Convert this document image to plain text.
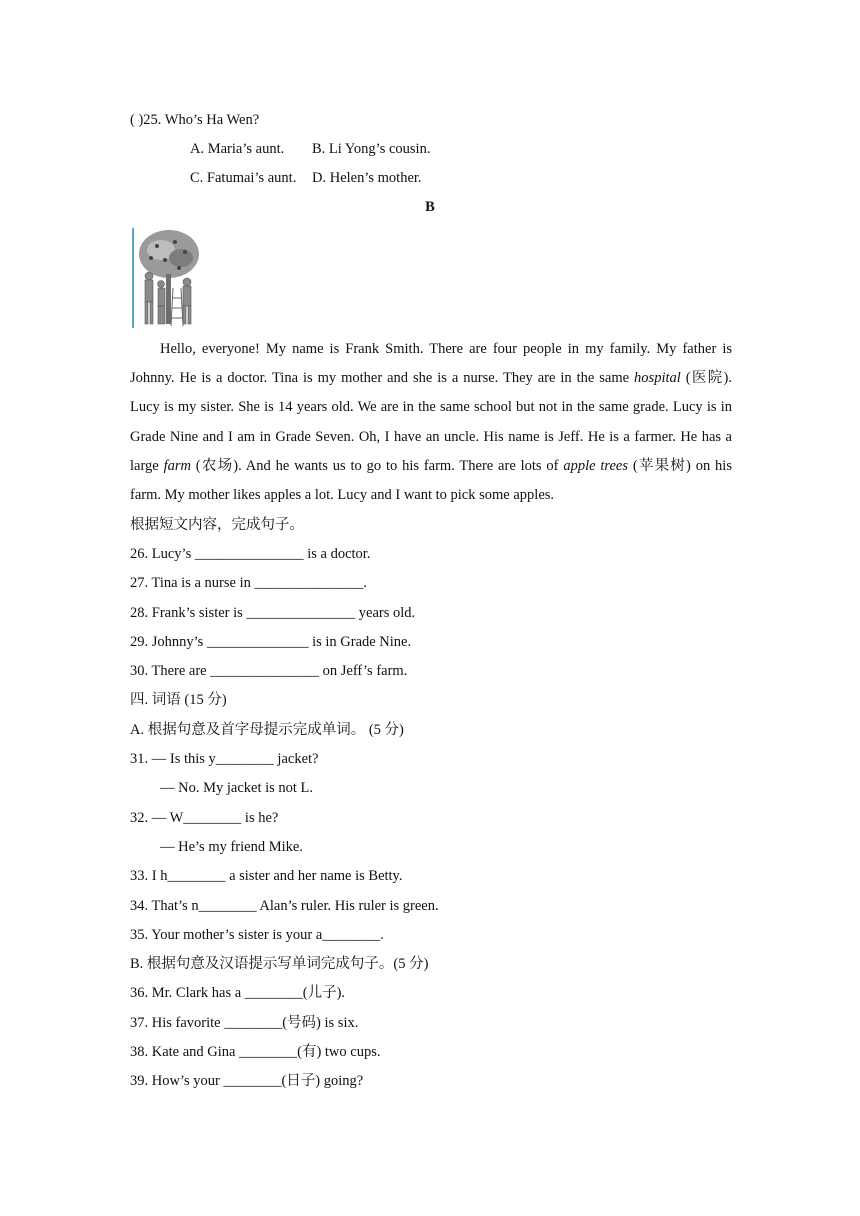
( )25. Who’s Ha Wen?
A. Maria’s aunt. B. Li Yong’s cousin.
C. Fatumai’s aunt. D. Helen’s mother.
B
Hello, everyone! My name is Frank Smith. There are four people in my family. My father is Johnny. He is a doctor. Tina is my mother and she is a nurse. They are in the same hospital (医院). Lucy is my sister. She is 14 years old. We are in the same school but not in the same grade. Lucy is in Grade Nine and I am in Grade Seven. Oh, I have an uncle. His name is Jeff. He is a farmer. He has a large farm (农场). And he wants us to go to his farm. There are lots of apple trees (苹果树) on his farm. My mother likes apples a lot. Lucy and I want to pick some apples.
根据短文内容，完成句子。
26. Lucy’s _______________ is a doctor.
27. Tina is a nurse in _______________.
28. Frank’s sister is _______________ years old.
29. Johnny’s ______________ is in Grade Nine.
30. There are _______________ on Jeff’s farm.
四. 词语 (15 分)
A. 根据句意及首字母提示完成单词。 (5 分)
31. — Is this y________ jacket?
— No. My jacket is not L.
32. — W________ is he?
— He’s my friend Mike.
33. I h________ a sister and her name is Betty.
34. That’s n________ Alan’s ruler. His ruler is green.
35. Your mother’s sister is your a________.
B. 根据句意及汉语提示写单词完成句子。(5 分)
36. Mr. Clark has a ________(儿子).
37. His favorite ________(号码) is six.
38. Kate and Gina ________(有) two cups.
39. How’s your ________(日子) going?
